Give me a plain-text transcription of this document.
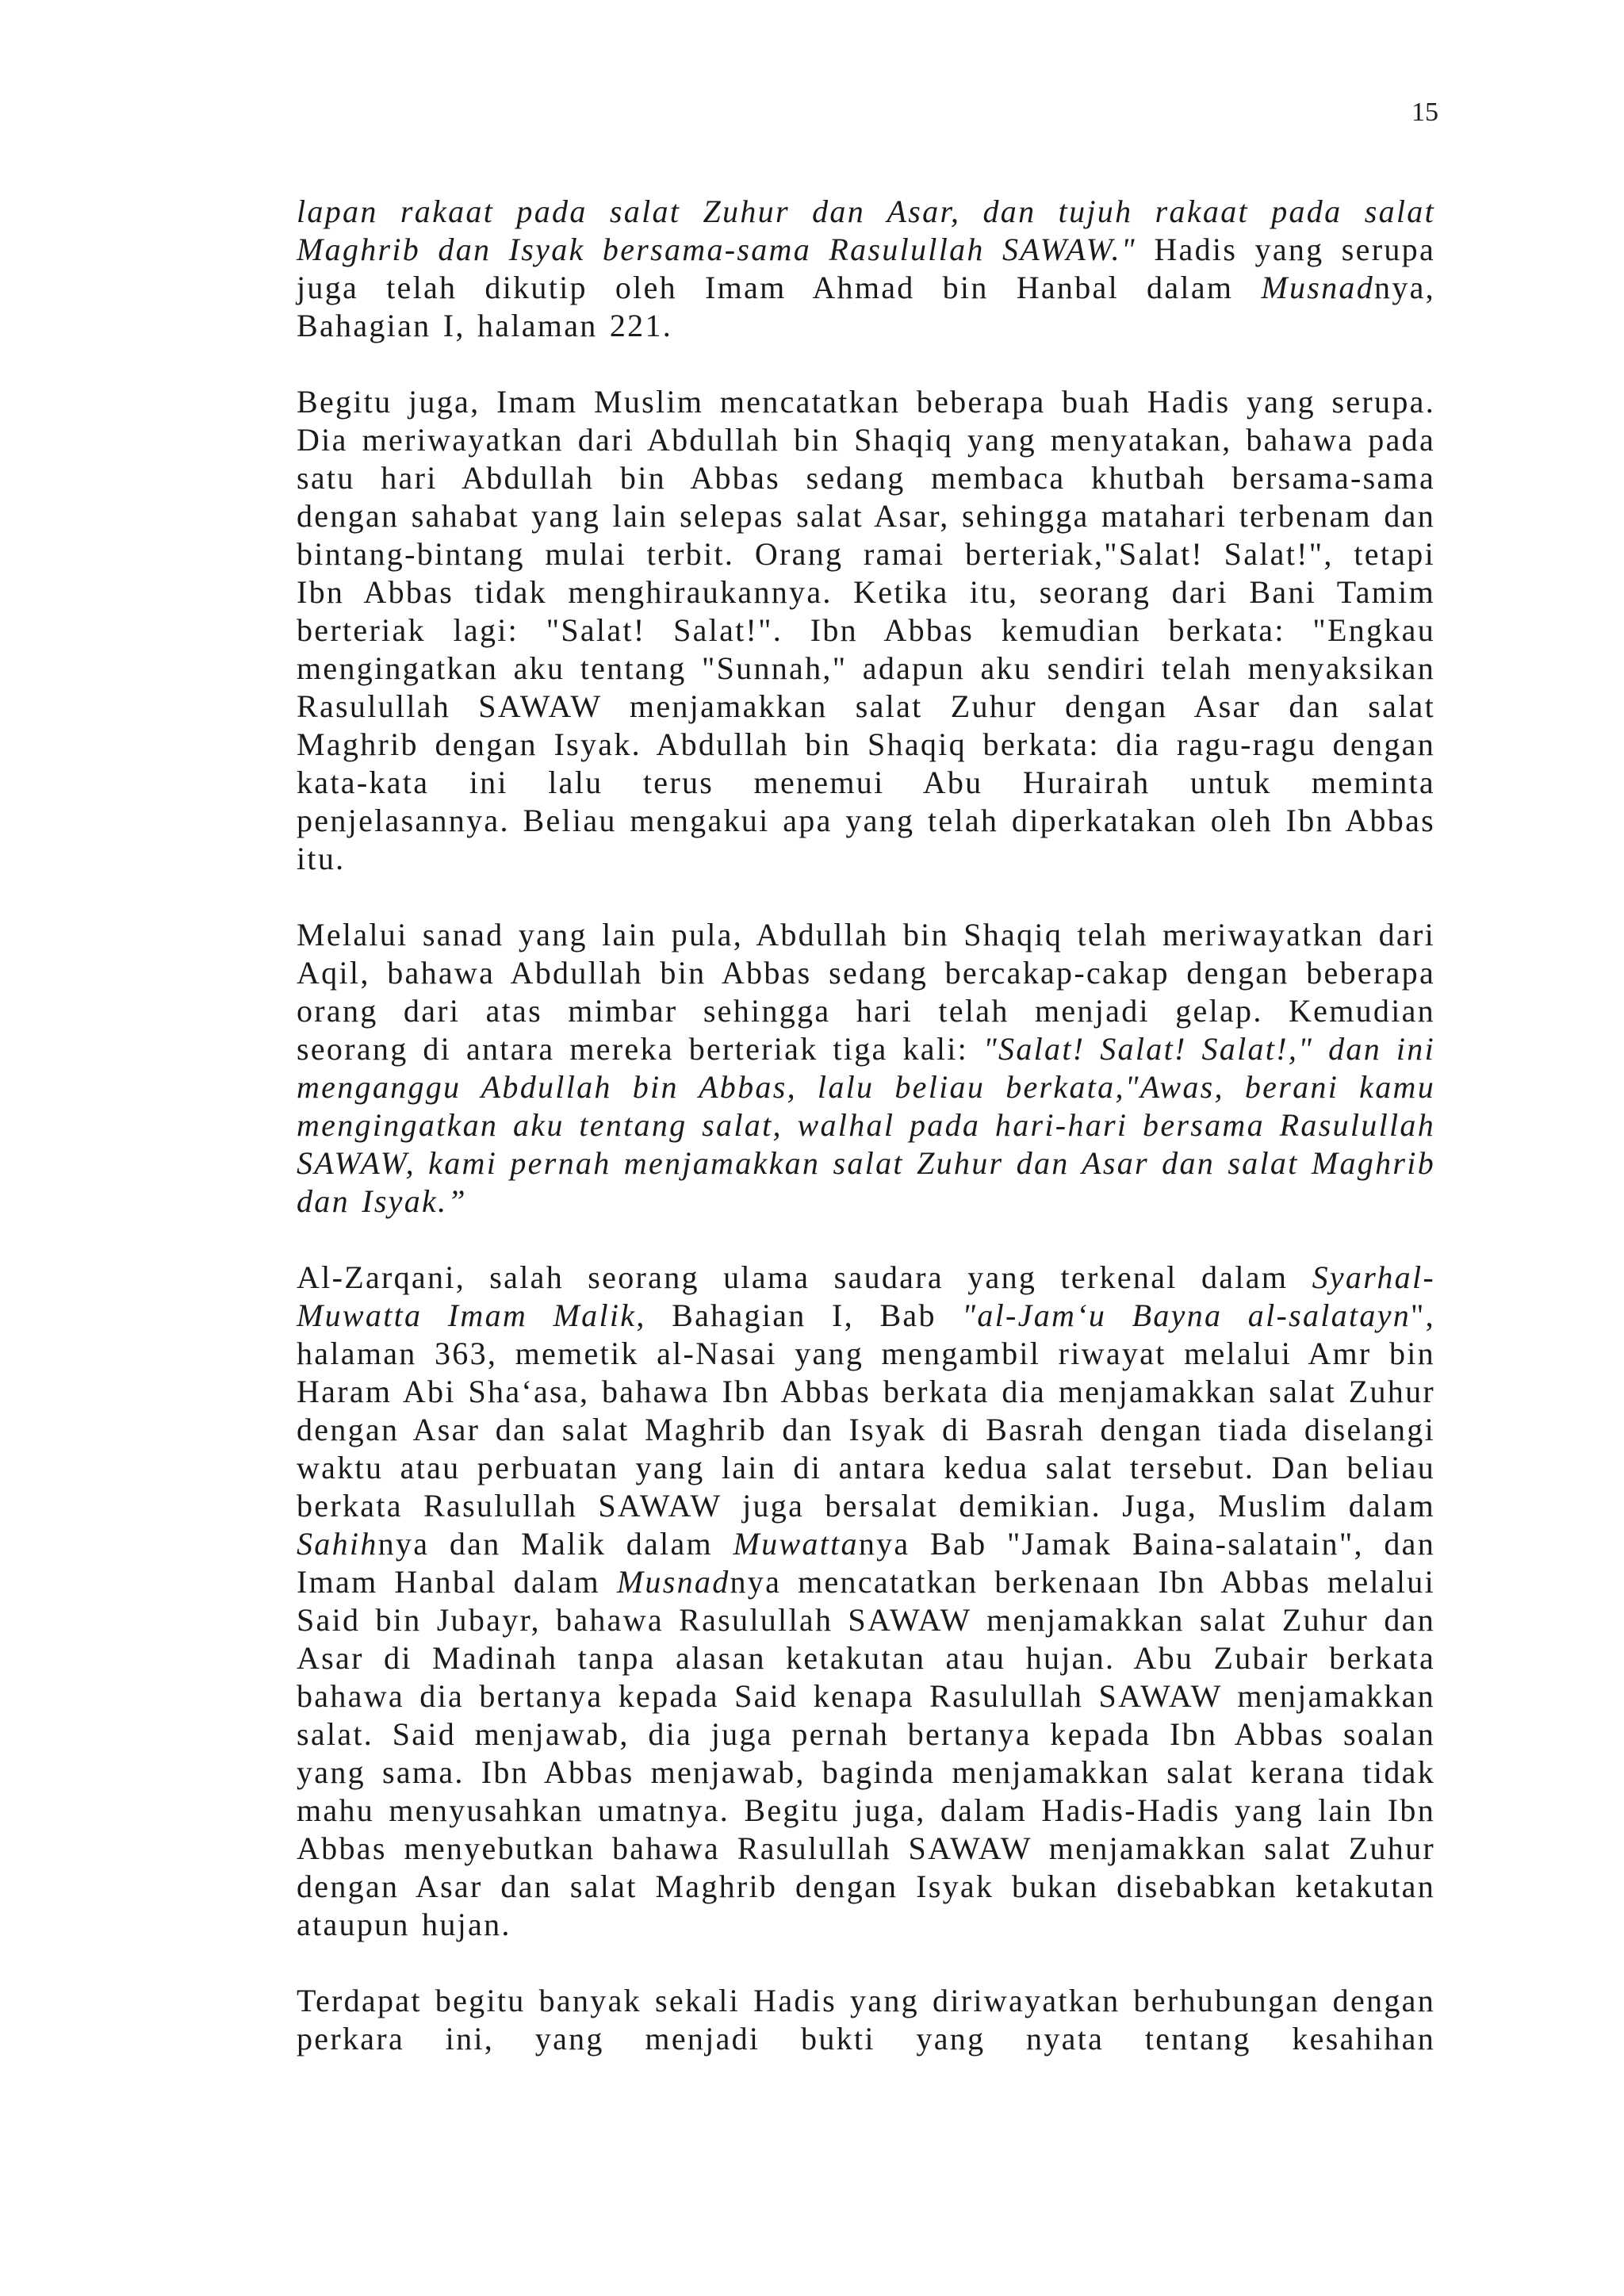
15

lapan rakaat pada salat Zuhur dan Asar, dan tujuh rakaat pada salat Maghrib dan Isyak bersama-sama Rasulullah SAWAW." Hadis yang serupa juga telah dikutip oleh Imam Ahmad bin Hanbal dalam Musnadnya, Bahagian I, halaman 221.

Begitu juga, Imam Muslim mencatatkan beberapa buah Hadis yang serupa. Dia meriwayatkan dari Abdullah bin Shaqiq yang menyatakan, bahawa pada satu hari Abdullah bin Abbas sedang membaca khutbah bersama-sama dengan sahabat yang lain selepas salat Asar, sehingga matahari terbenam dan bintang-bintang mulai terbit. Orang ramai berteriak,"Salat! Salat!", tetapi Ibn Abbas tidak menghiraukannya. Ketika itu, seorang dari Bani Tamim berteriak lagi: "Salat! Salat!". Ibn Abbas kemudian berkata: "Engkau mengingatkan aku tentang "Sunnah," adapun aku sendiri telah menyaksikan Rasulullah SAWAW menjamakkan salat Zuhur dengan Asar dan salat Maghrib dengan Isyak. Abdullah bin Shaqiq berkata: dia ragu-ragu dengan kata-kata ini lalu terus menemui Abu Hurairah untuk meminta penjelasannya. Beliau mengakui apa yang telah diperkatakan oleh Ibn Abbas itu.

Melalui sanad yang lain pula, Abdullah bin Shaqiq telah meriwayatkan dari Aqil, bahawa Abdullah bin Abbas sedang bercakap-cakap dengan beberapa orang dari atas mimbar sehingga hari telah menjadi gelap. Kemudian seorang di antara mereka berteriak tiga kali: "Salat! Salat! Salat!," dan ini menganggu Abdullah bin Abbas, lalu beliau berkata,"Awas, berani kamu mengingatkan aku tentang salat, walhal pada hari-hari bersama Rasulullah SAWAW, kami pernah menjamakkan salat Zuhur dan Asar dan salat Maghrib dan Isyak.”

Al-Zarqani, salah seorang ulama saudara yang terkenal dalam Syarhal-Muwatta Imam Malik, Bahagian I, Bab "al-Jam‘u Bayna al-salatayn", halaman 363, memetik al-Nasai yang mengambil riwayat melalui Amr bin Haram Abi Sha‘asa, bahawa Ibn Abbas berkata dia menjamakkan salat Zuhur dengan Asar dan salat Maghrib dan Isyak di Basrah dengan tiada diselangi waktu atau perbuatan yang lain di antara kedua salat tersebut. Dan beliau berkata Rasulullah SAWAW juga bersalat demikian. Juga, Muslim dalam Sahihnya dan Malik dalam Muwattanya Bab "Jamak Baina-salatain", dan Imam Hanbal dalam Musnadnya mencatatkan berkenaan Ibn Abbas melalui Said bin Jubayr, bahawa Rasulullah SAWAW menjamakkan salat Zuhur dan Asar di Madinah tanpa alasan ketakutan atau hujan. Abu Zubair berkata bahawa dia bertanya kepada Said kenapa Rasulullah SAWAW menjamakkan salat. Said menjawab, dia juga pernah bertanya kepada Ibn Abbas soalan yang sama. Ibn Abbas menjawab, baginda menjamakkan salat kerana tidak mahu menyusahkan umatnya. Begitu juga, dalam Hadis-Hadis yang lain Ibn Abbas menyebutkan bahawa Rasulullah SAWAW menjamakkan salat Zuhur dengan Asar dan salat Maghrib dengan Isyak bukan disebabkan ketakutan ataupun hujan.

Terdapat begitu banyak sekali Hadis yang diriwayatkan berhubungan dengan perkara ini, yang menjadi bukti yang nyata tentang kesahihan
